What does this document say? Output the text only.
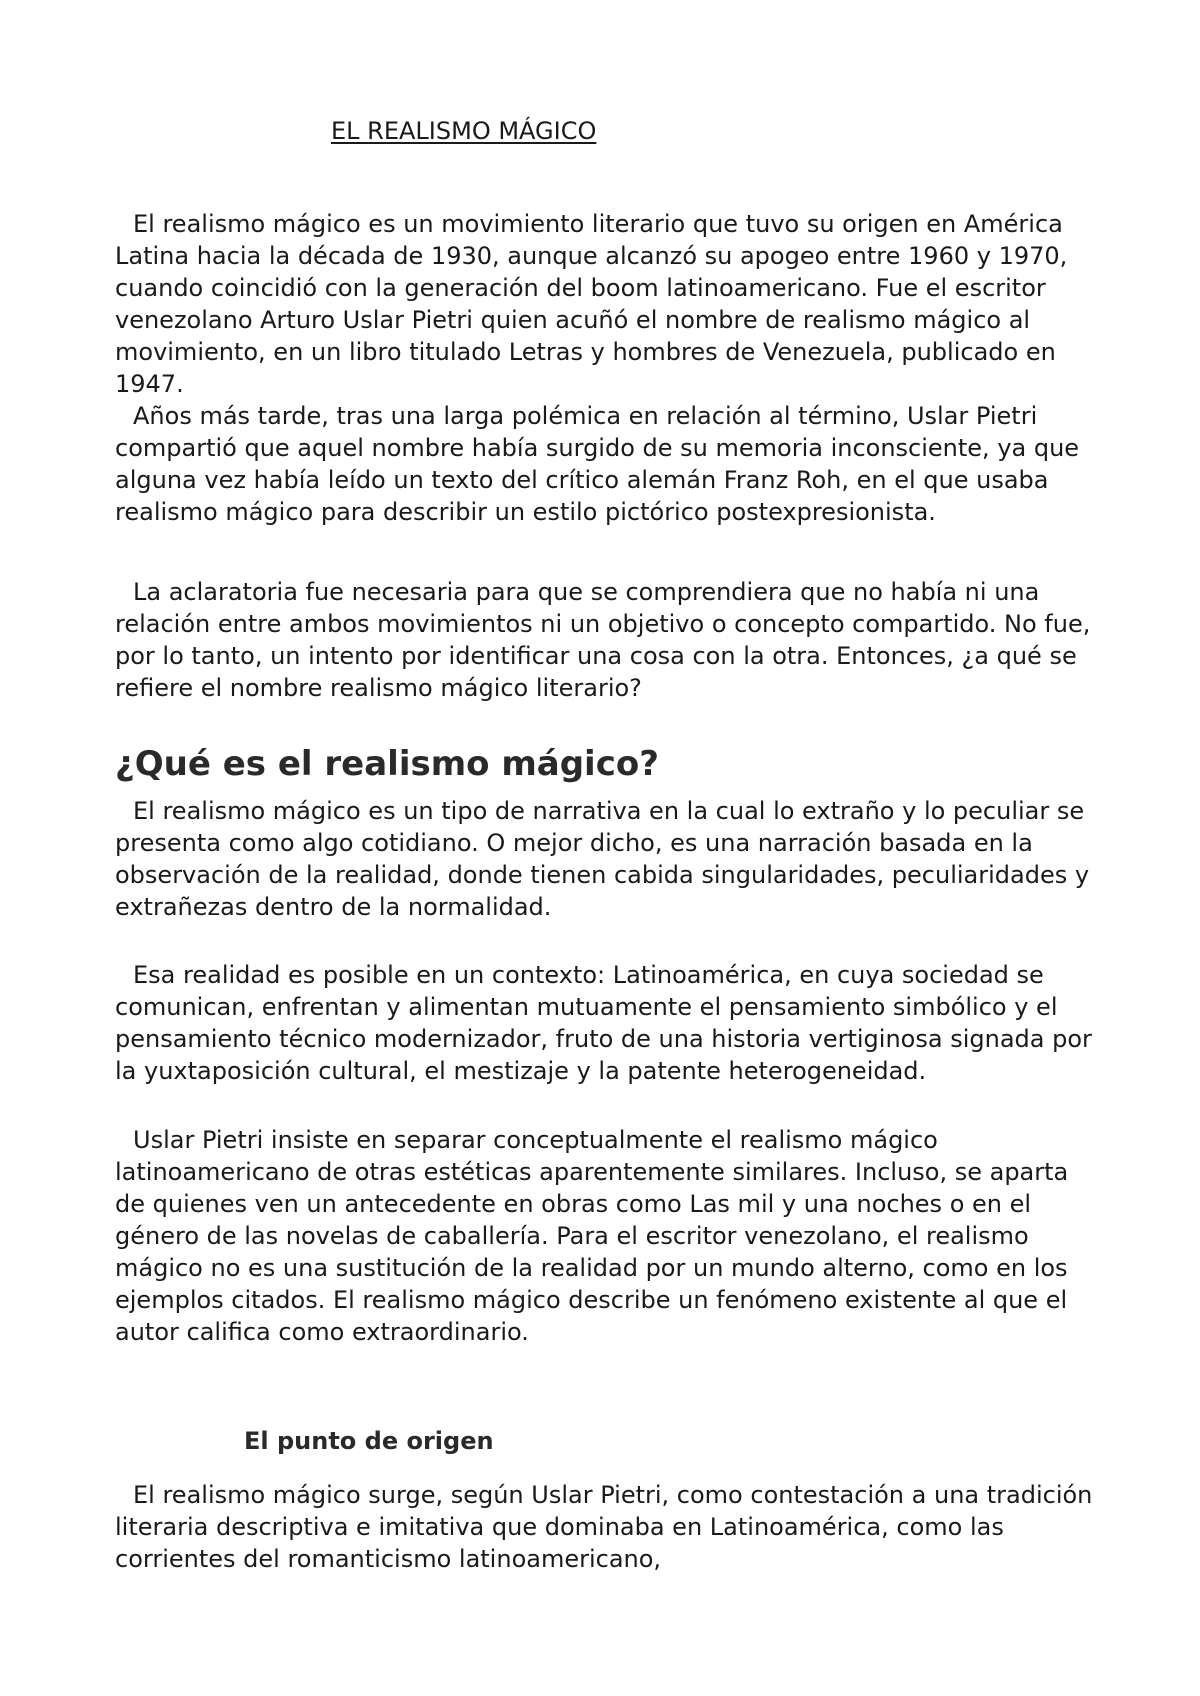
EL REALISMO MÁGICO

El realismo mágico es un movimiento literario que tuvo su origen en América Latina hacia la década de 1930, aunque alcanzó su apogeo entre 1960 y 1970, cuando coincidió con la generación del boom latinoamericano. Fue el escritor venezolano Arturo Uslar Pietri quien acuñó el nombre de realismo mágico al movimiento, en un libro titulado Letras y hombres de Venezuela, publicado en 1947.

Años más tarde, tras una larga polémica en relación al término, Uslar Pietri compartió que aquel nombre había surgido de su memoria inconsciente, ya que alguna vez había leído un texto del crítico alemán Franz Roh, en el que usaba realismo mágico para describir un estilo pictórico postexpresionista.

La aclaratoria fue necesaria para que se comprendiera que no había ni una relación entre ambos movimientos ni un objetivo o concepto compartido. No fue, por lo tanto, un intento por identificar una cosa con la otra. Entonces, ¿a qué se refiere el nombre realismo mágico literario?

¿Qué es el realismo mágico?

El realismo mágico es un tipo de narrativa en la cual lo extraño y lo peculiar se presenta como algo cotidiano. O mejor dicho, es una narración basada en la observación de la realidad, donde tienen cabida singularidades, peculiaridades y extrañezas dentro de la normalidad.

Esa realidad es posible en un contexto: Latinoamérica, en cuya sociedad se comunican, enfrentan y alimentan mutuamente el pensamiento simbólico y el pensamiento técnico modernizador, fruto de una historia vertiginosa signada por la yuxtaposición cultural, el mestizaje y la patente heterogeneidad.

Uslar Pietri insiste en separar conceptualmente el realismo mágico latinoamericano de otras estéticas aparentemente similares. Incluso, se aparta de quienes ven un antecedente en obras como Las mil y una noches o en el género de las novelas de caballería. Para el escritor venezolano, el realismo mágico no es una sustitución de la realidad por un mundo alterno, como en los ejemplos citados. El realismo mágico describe un fenómeno existente al que el autor califica como extraordinario.

El punto de origen

El realismo mágico surge, según Uslar Pietri, como contestación a una tradición literaria descriptiva e imitativa que dominaba en Latinoamérica, como las corrientes del romanticismo latinoamericano,
